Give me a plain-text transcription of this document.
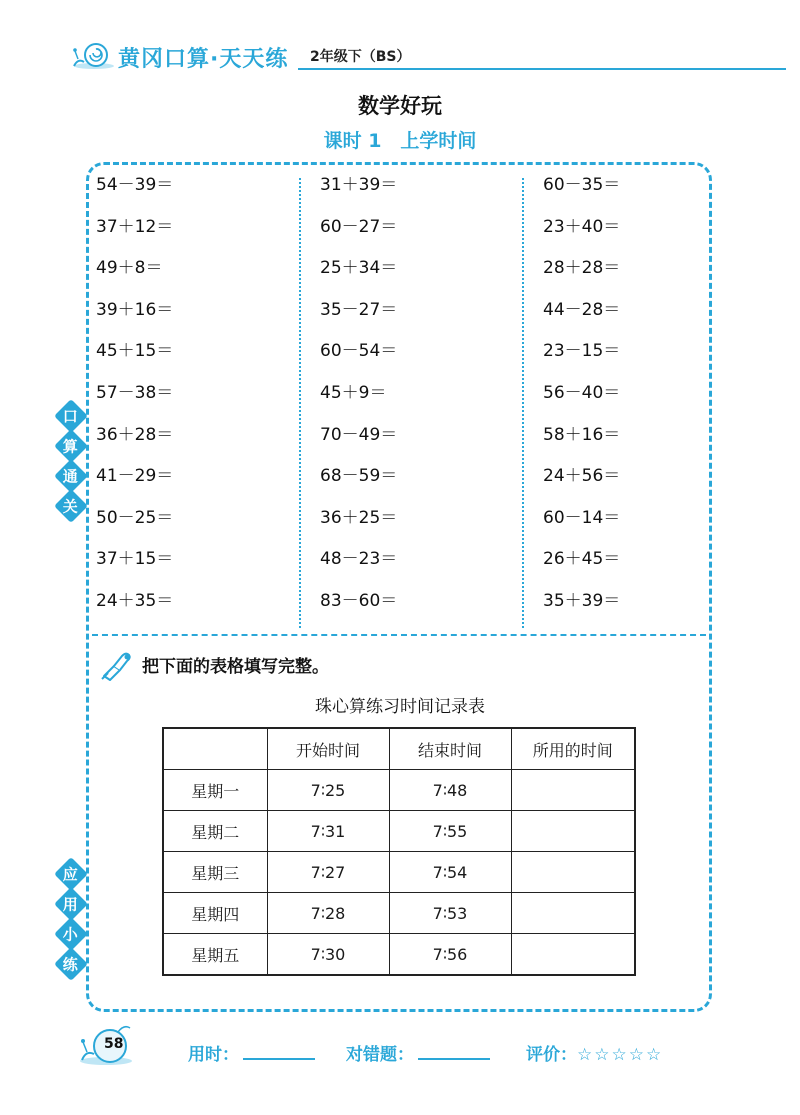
黄冈口算·天天练 2年级下（BS）
数学好玩
课时 1　上学时间
口
算
通
关
应
用
小
练
54－39＝
37＋12＝
49＋8＝
39＋16＝
45＋15＝
57－38＝
36＋28＝
41－29＝
50－25＝
37＋15＝
24＋35＝
31＋39＝
60－27＝
25＋34＝
35－27＝
60－54＝
45＋9＝
70－49＝
68－59＝
36＋25＝
48－23＝
83－60＝
60－35＝
23＋40＝
28＋28＝
44－28＝
23－15＝
56－40＝
58＋16＝
24＋56＝
60－14＝
26＋45＝
35＋39＝
把下面的表格填写完整。
珠心算练习时间记录表
	开始时间	结束时间	所用的时间
星期一	7∶25	7∶48	
星期二	7∶31	7∶55	
星期三	7∶27	7∶54	
星期四	7∶28	7∶53	
星期五	7∶30	7∶56	
58
用时：	对错题：	评价：☆☆☆☆☆
